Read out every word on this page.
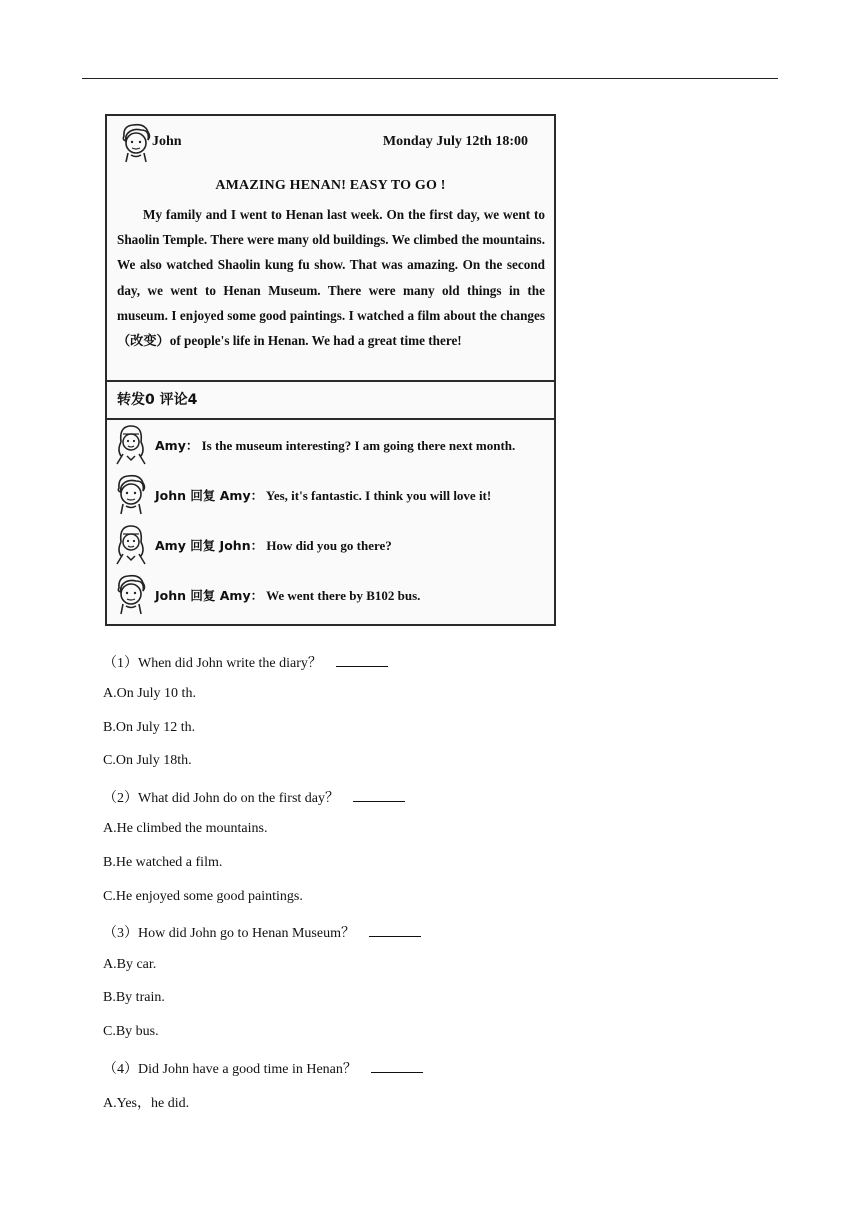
John	Monday July 12th 18:00
AMAZING HENAN! EASY TO GO !
My family and I went to Henan last week. On the first day, we went to Shaolin Temple. There were many old buildings. We climbed the mountains. We also watched Shaolin kung fu show. That was amazing. On the second day, we went to Henan Museum. There were many old things in the museum. I enjoyed some good paintings. I watched a film about the changes（改变）of people's life in Henan. We had a great time there!
转发0 评论4
Amy： Is the museum interesting? I am going there next month.
John 回复 Amy： Yes, it's fantastic. I think you will love it!
Amy 回复 John： How did you go there?
John 回复 Amy： We went there by B102 bus.
（1）When did John write the diary？
A.On July 10 th.
B.On July 12 th.
C.On July 18th.
（2）What did John do on the first day？
A.He climbed the mountains.
B.He watched a film.
C.He enjoyed some good paintings.
（3）How did John go to Henan Museum？
A.By car.
B.By train.
C.By bus.
（4）Did John have a good time in Henan？
A.Yes，he did.
